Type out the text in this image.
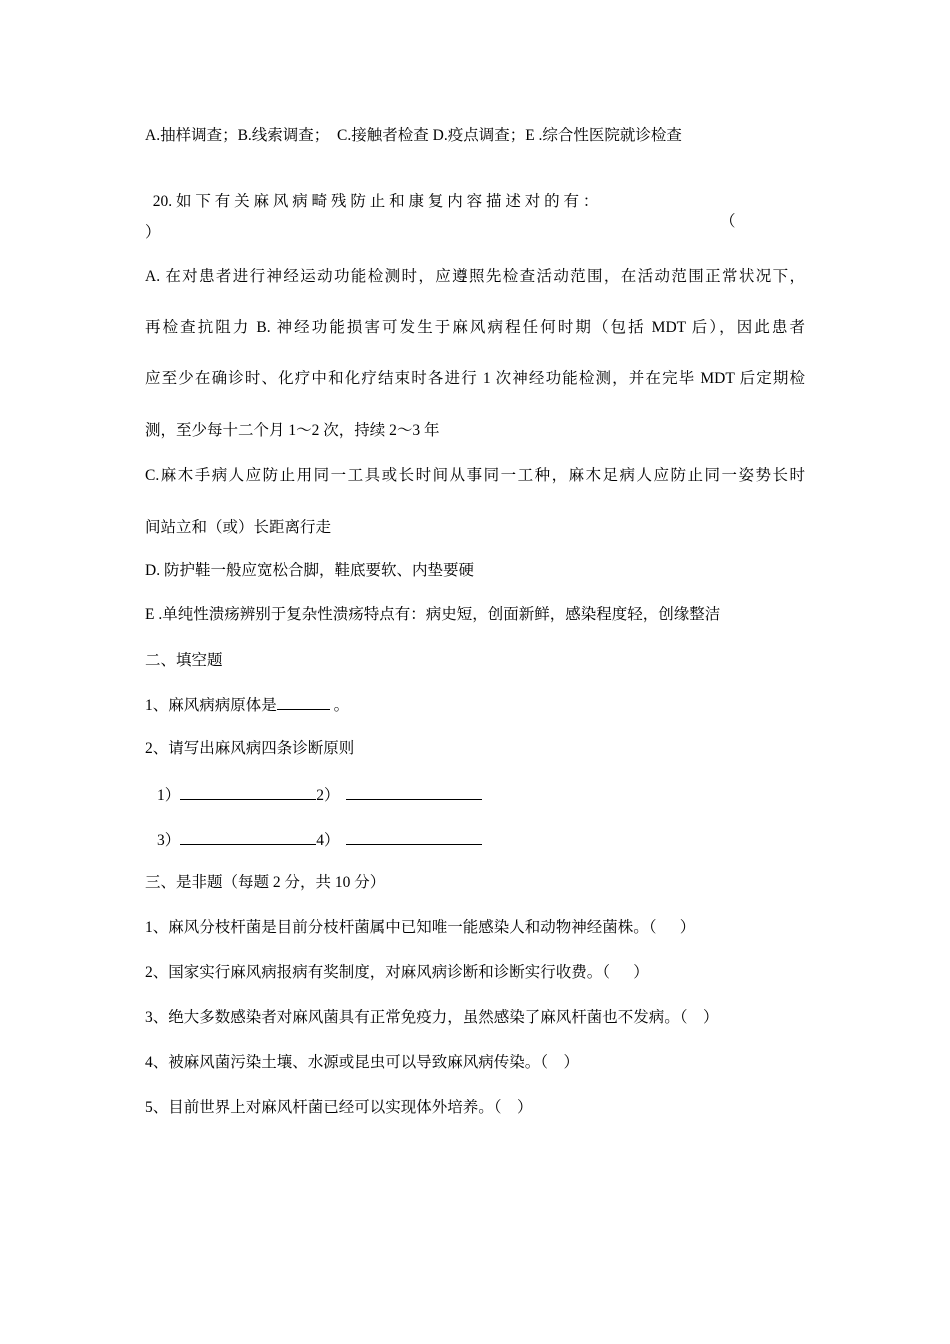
A.抽样调查；B.线索调查；  C.接触者检查 D.疫点调查；E .综合性医院就诊检查

20. 如 下 有 关 麻 风 病 畸 残 防 止 和 康 复 内 容 描 述 对 的 有 ：

（

）
A. 在对患者进行神经运动功能检测时，应遵照先检查活动范围，在活动范围正常状况下，
再检查抗阻力 B. 神经功能损害可发生于麻风病程任何时期（包括 MDT 后），因此患者
应至少在确诊时、化疗中和化疗结束时各进行 1 次神经功能检测，并在完毕 MDT 后定期检
测，至少每十二个月 1～2 次，持续 2～3 年
C.麻木手病人应防止用同一工具或长时间从事同一工种，麻木足病人应防止同一姿势长时
间站立和（或）长距离行走
D. 防护鞋一般应宽松合脚，鞋底要软、内垫要硬
E .单纯性溃疡辨别于复杂性溃疡特点有：病史短，创面新鲜，感染程度轻，创缘整洁
二、填空题
1、麻风病病原体是	。
2、请写出麻风病四条诊断原则
1）	2）
3）	4）
三、是非题（每题 2 分，共 10 分）
1、麻风分枝杆菌是目前分枝杆菌属中已知唯一能感染人和动物神经菌株。（      ）
2、国家实行麻风病报病有奖制度，对麻风病诊断和诊断实行收费。（      ）
3、绝大多数感染者对麻风菌具有正常免疫力，虽然感染了麻风杆菌也不发病。（    ）
4、被麻风菌污染土壤、水源或昆虫可以导致麻风病传染。（    ）
5、目前世界上对麻风杆菌已经可以实现体外培养。（    ）
